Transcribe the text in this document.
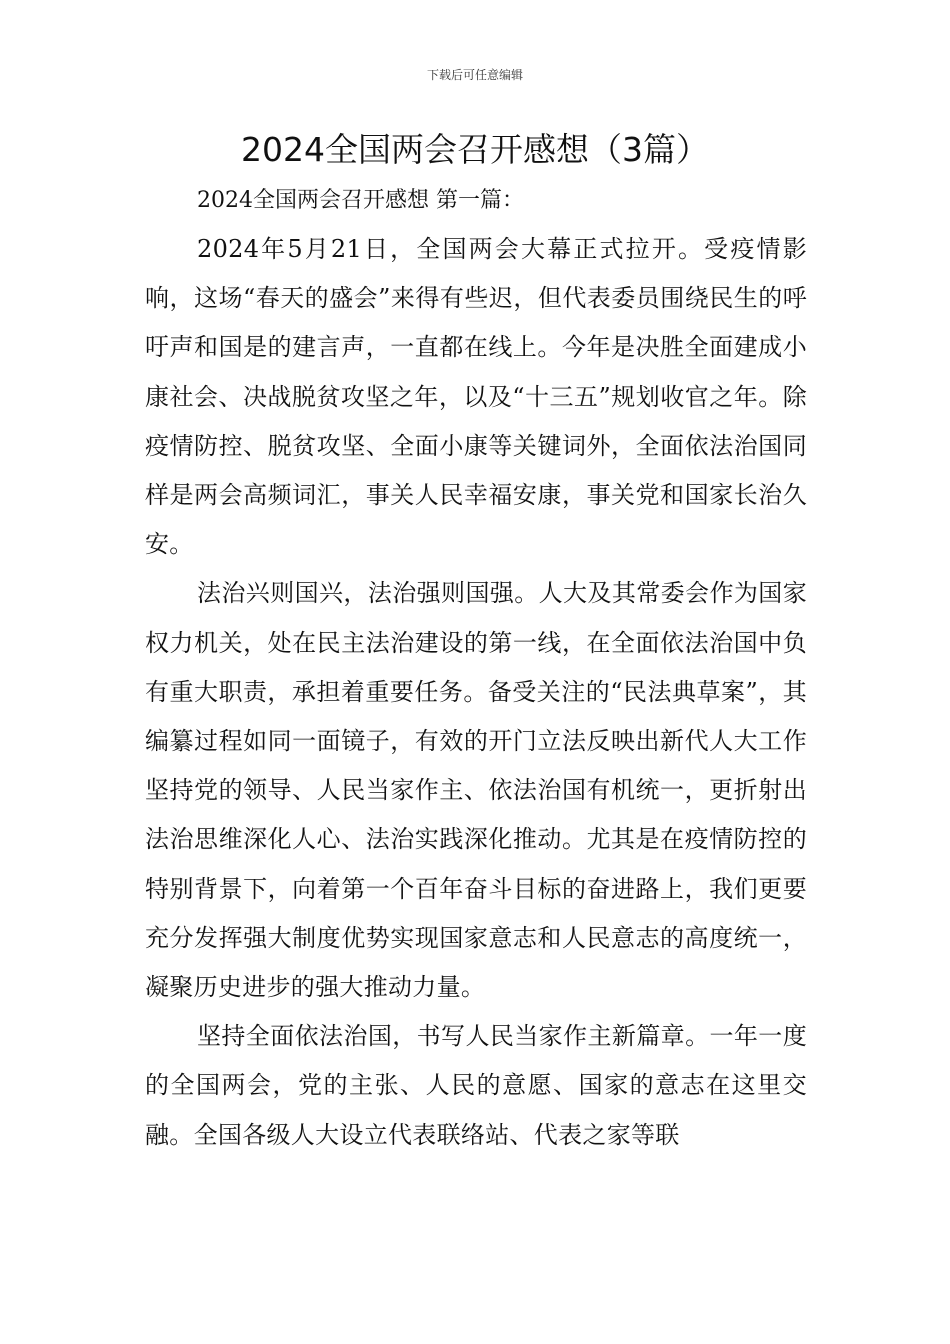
下载后可任意编辑
2024全国两会召开感想（3篇）

2024全国两会召开感想 第一篇：

2024年5月21日，全国两会大幕正式拉开。受疫情影响，这场“春天的盛会”来得有些迟，但代表委员围绕民生的呼吁声和国是的建言声，一直都在线上。今年是决胜全面建成小康社会、决战脱贫攻坚之年，以及“十三五”规划收官之年。除疫情防控、脱贫攻坚、全面小康等关键词外，全面依法治国同样是两会高频词汇，事关人民幸福安康，事关党和国家长治久安。

法治兴则国兴，法治强则国强。人大及其常委会作为国家权力机关，处在民主法治建设的第一线，在全面依法治国中负有重大职责，承担着重要任务。备受关注的“民法典草案”，其编纂过程如同一面镜子，有效的开门立法反映出新代人大工作坚持党的领导、人民当家作主、依法治国有机统一，更折射出法治思维深化人心、法治实践深化推动。尤其是在疫情防控的特别背景下，向着第一个百年奋斗目标的奋进路上，我们更要充分发挥强大制度优势实现国家意志和人民意志的高度统一，凝聚历史进步的强大推动力量。

坚持全面依法治国，书写人民当家作主新篇章。一年一度的全国两会，党的主张、人民的意愿、国家的意志在这里交融。全国各级人大设立代表联络站、代表之家等联
